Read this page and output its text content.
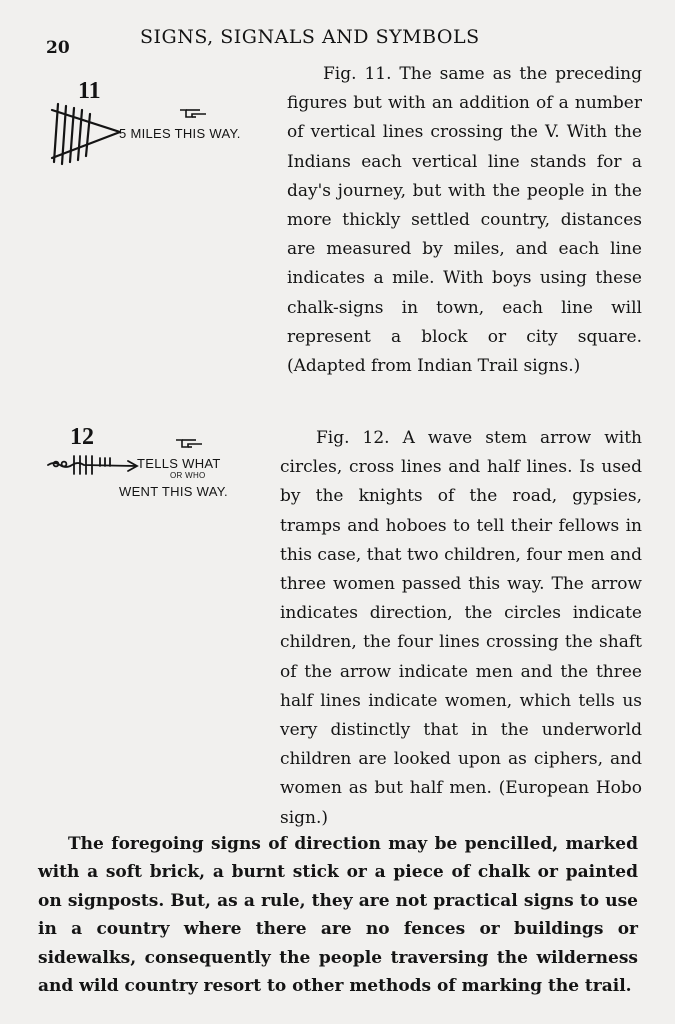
20	SIGNS, SIGNALS AND SYMBOLS
11
5 MILES THIS WAY.

Fig. 11. The same as the preceding figures but with an addition of a number of vertical lines crossing the V. With the Indians each vertical line stands for a day's journey, but with the people in the more thickly settled country, distances are measured by miles, and each line indicates a mile. With boys using these chalk-signs in town, each line will represent a block or city square. (Adapted from Indian Trail signs.)

12
TELLS WHAT
OR WHO
WENT THIS WAY.

Fig. 12. A wave stem arrow with circles, cross lines and half lines. Is used by the knights of the road, gypsies, tramps and hoboes to tell their fellows in this case, that two children, four men and three women passed this way. The arrow indicates direction, the circles indicate children, the four lines crossing the shaft of the arrow indicate men and the three half lines indicate women, which tells us very distinctly that in the underworld children are looked upon as ciphers, and women as but half men. (European Hobo sign.)

The foregoing signs of direction may be pencilled, marked with a soft brick, a burnt stick or a piece of chalk or painted on signposts. But, as a rule, they are not practical signs to use in a country where there are no fences or buildings or sidewalks, consequently the people traversing the wilderness and wild country resort to other methods of marking the trail.
